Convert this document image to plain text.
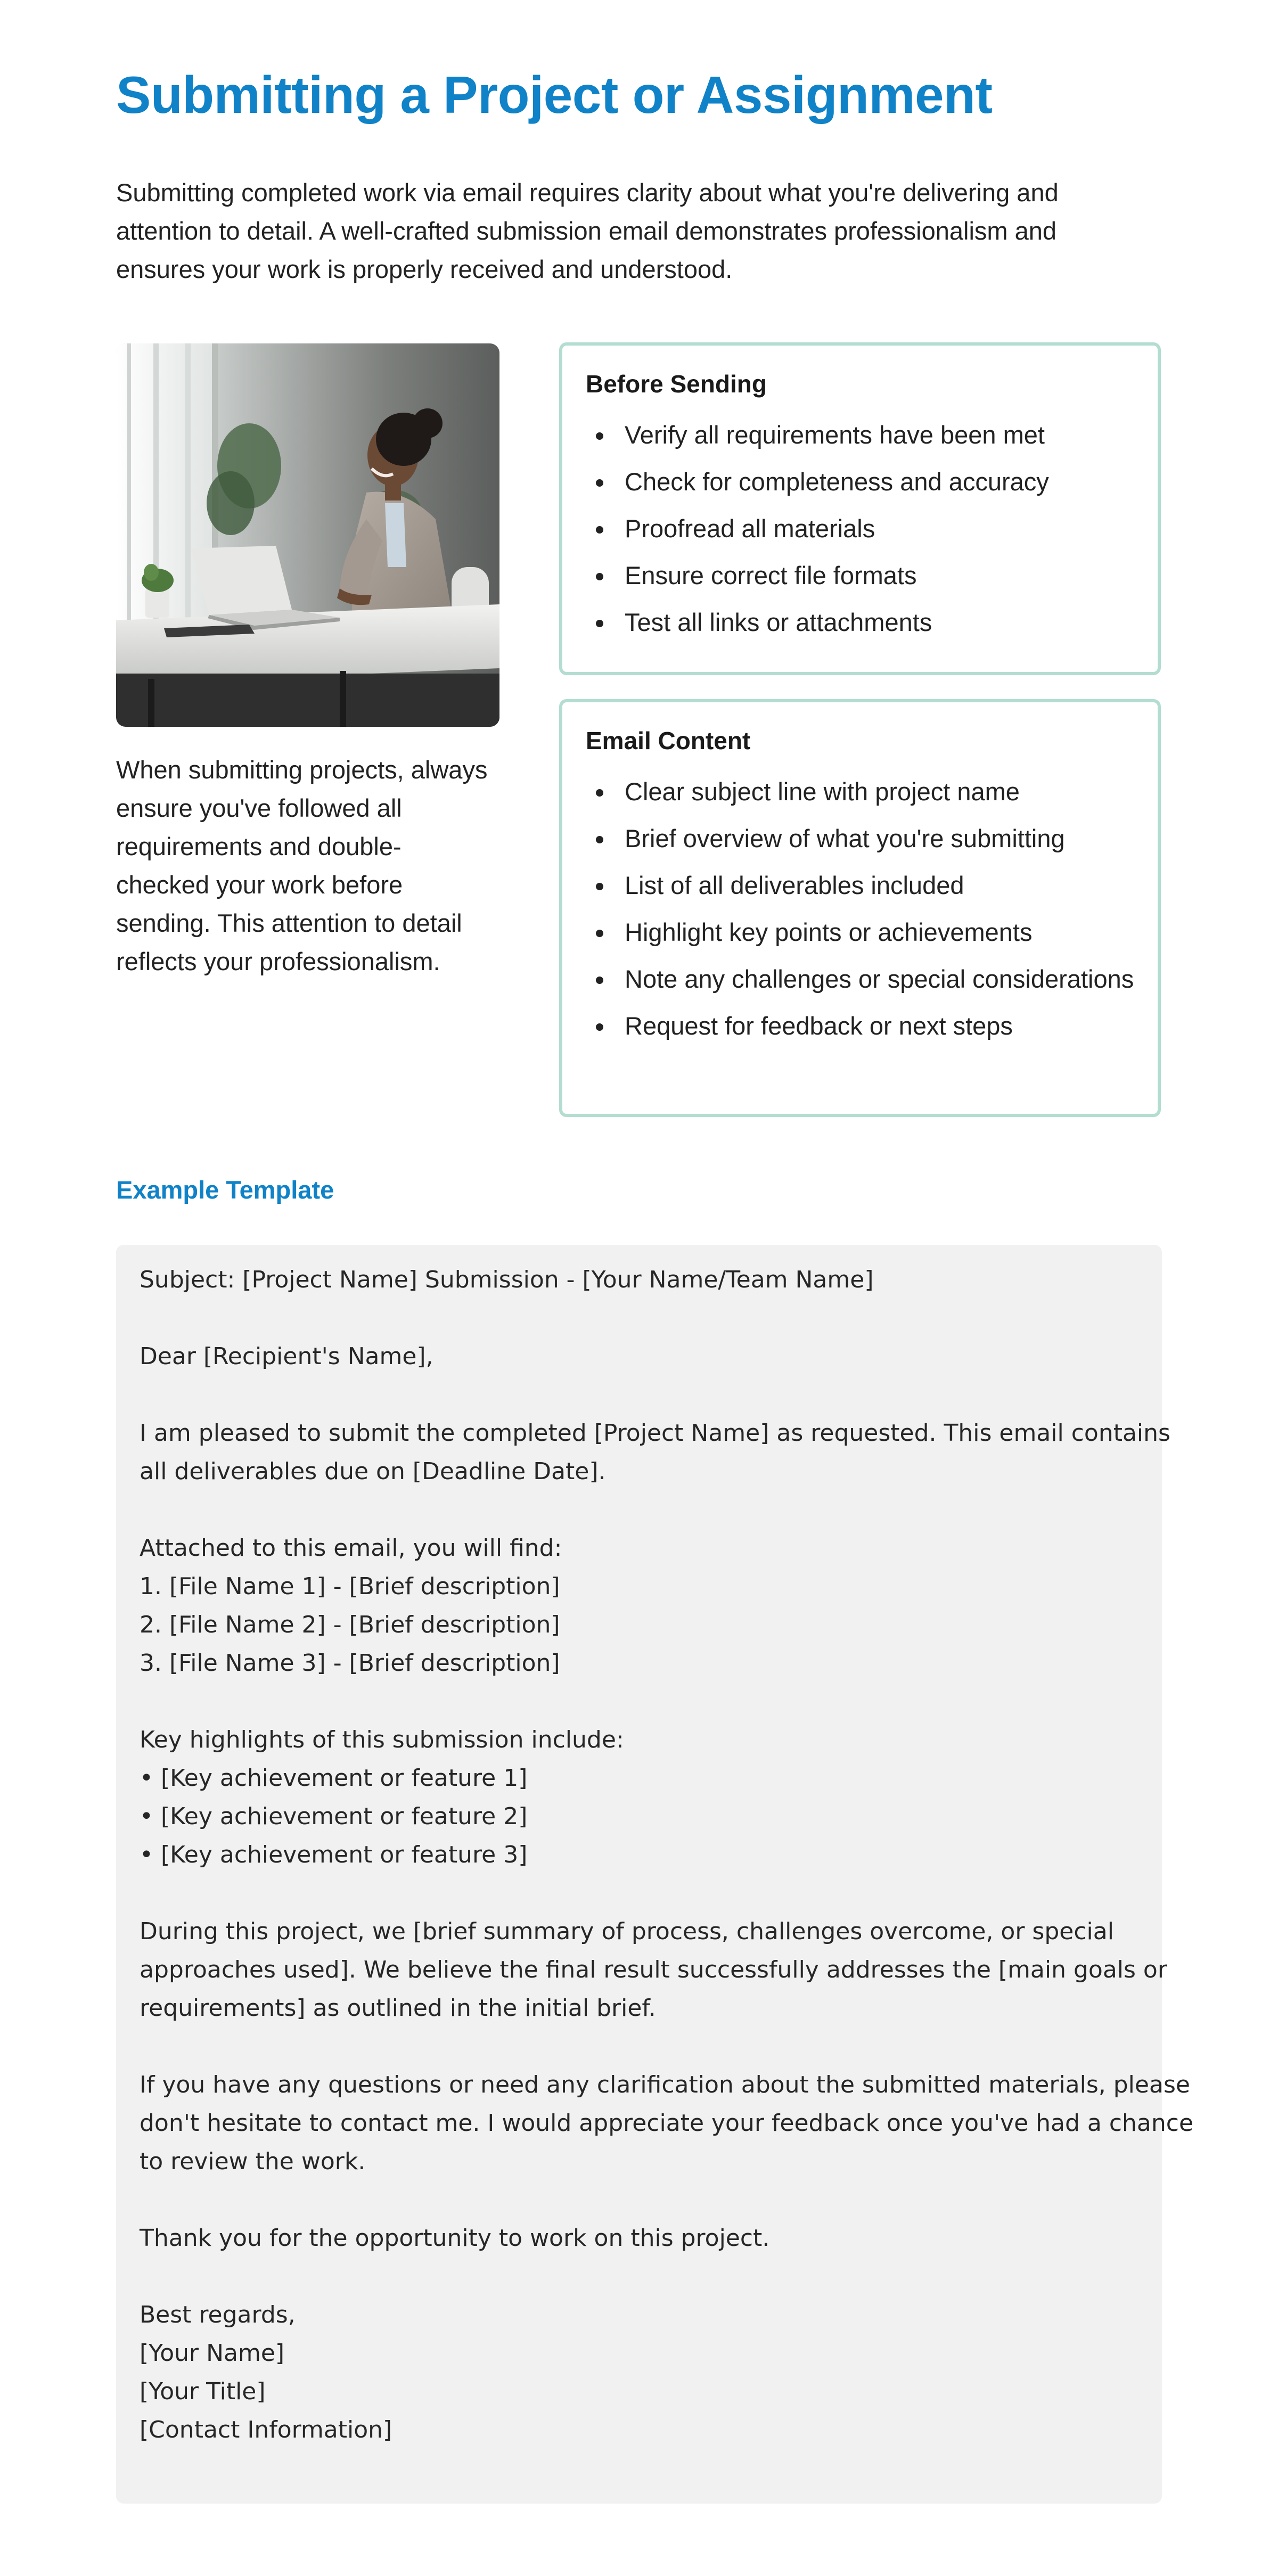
Submitting a Project or Assignment

Submitting completed work via email requires clarity about what you're delivering and attention to detail. A well-crafted submission email demonstrates professionalism and ensures your work is properly received and understood.

When submitting projects, always
ensure you've followed all
requirements and double-
checked your work before
sending. This attention to detail
reflects your professionalism.

Before Sending
Verify all requirements have been met
Check for completeness and accuracy
Proofread all materials
Ensure correct file formats
Test all links or attachments
Email Content
Clear subject line with project name
Brief overview of what you're submitting
List of all deliverables included
Highlight key points or achievements
Note any challenges or special considerations
Request for feedback or next steps
Example Template
Subject: [Project Name] Submission - [Your Name/Team Name]
Dear [Recipient's Name],
I am pleased to submit the completed [Project Name] as requested. This email contains
all deliverables due on [Deadline Date].
Attached to this email, you will find:
1. [File Name 1] - [Brief description]
2. [File Name 2] - [Brief description]
3. [File Name 3] - [Brief description]
Key highlights of this submission include:
• [Key achievement or feature 1]
• [Key achievement or feature 2]
• [Key achievement or feature 3]
During this project, we [brief summary of process, challenges overcome, or special
approaches used]. We believe the final result successfully addresses the [main goals or
requirements] as outlined in the initial brief.
If you have any questions or need any clarification about the submitted materials, please
don't hesitate to contact me. I would appreciate your feedback once you've had a chance
to review the work.
Thank you for the opportunity to work on this project.
Best regards,
[Your Name]
[Your Title]
[Contact Information]
